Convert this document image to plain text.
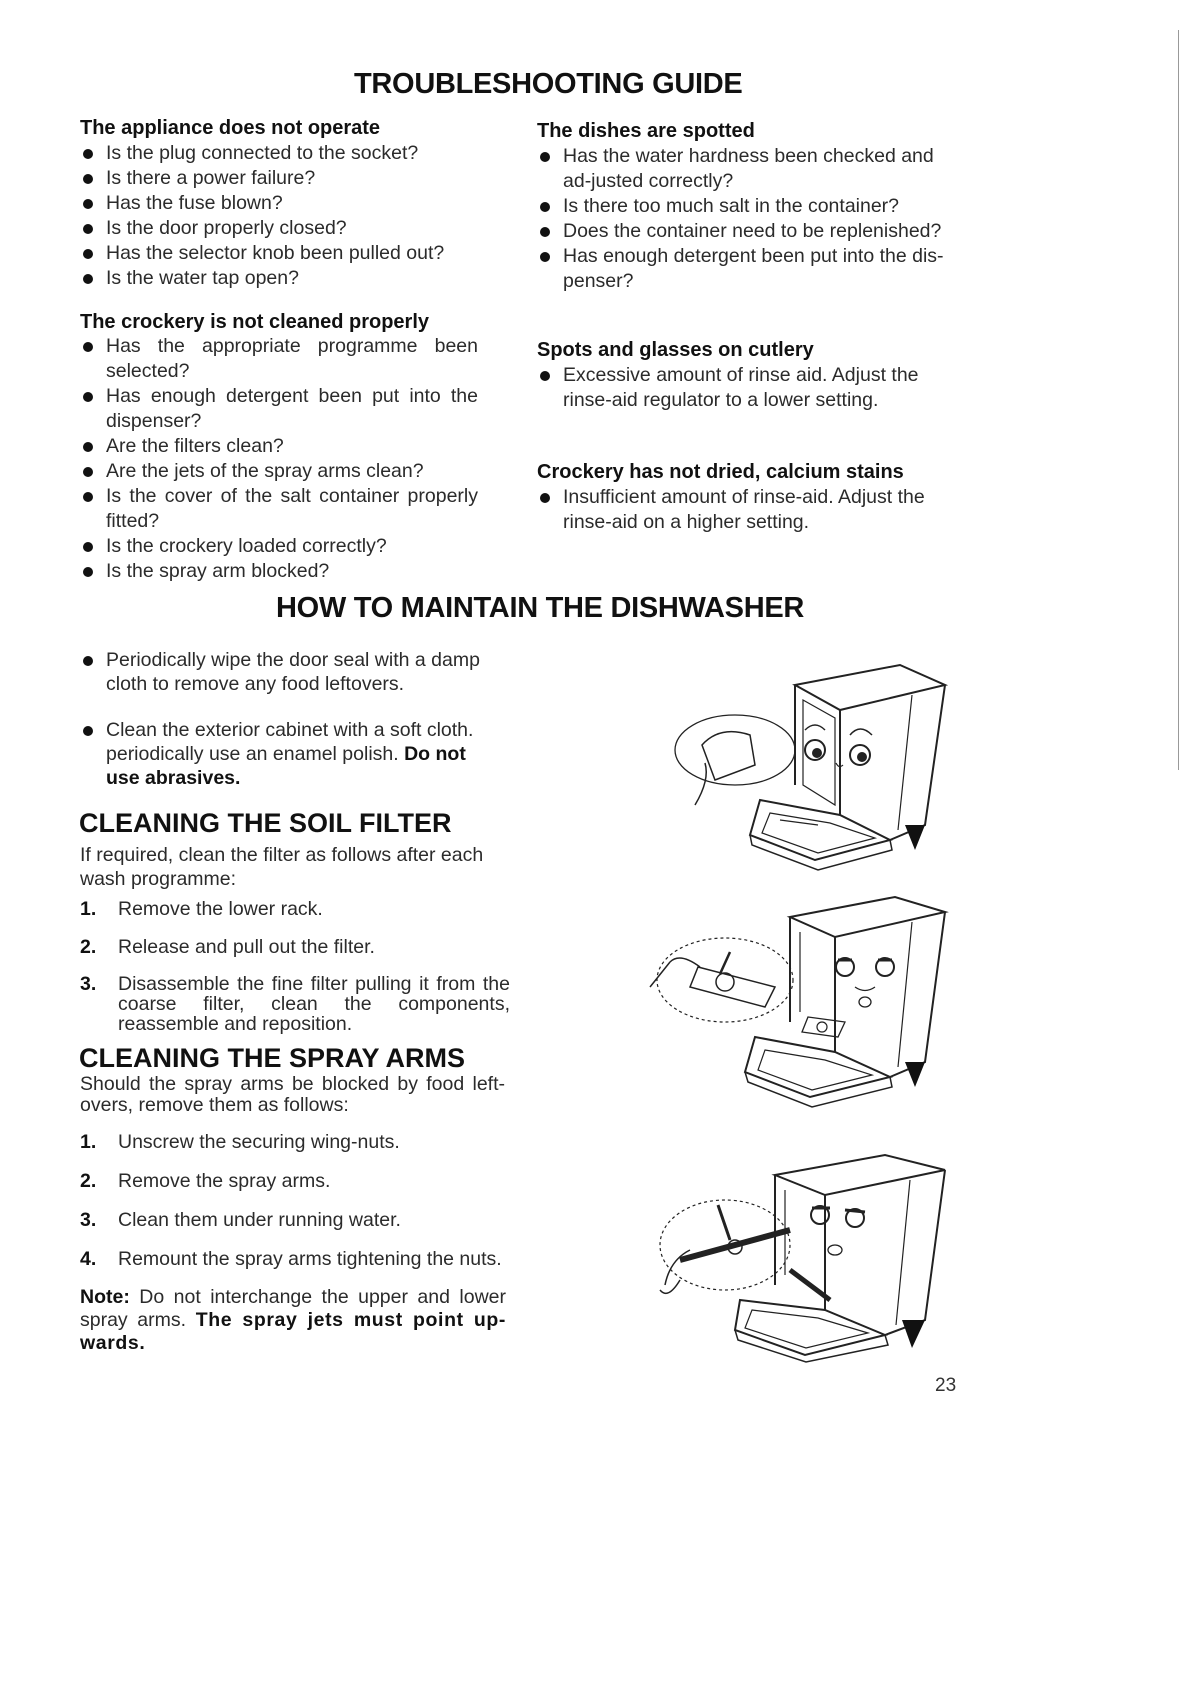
TROUBLESHOOTING GUIDE

The appliance does not operate

Is the plug connected to the socket?
Is there a power failure?
Has the fuse blown?
Is the door properly closed?
Has the selector knob been pulled out?
Is the water tap open?

The crockery is not cleaned properly

Has the appropriate programme been selected?
Has enough detergent been put into the dispenser?
Are the filters clean?
Are the jets of the spray arms clean?
Is the cover of the salt container properly fitted?
Is the crockery loaded correctly?
Is the spray arm blocked?

The dishes are spotted

Has the water hardness been checked and ad-justed correctly?
Is there too much salt in the container?
Does the container need to be replenished?
Has enough detergent been put into the dis-penser?

Spots and glasses on cutlery

Excessive amount of rinse aid. Adjust the rinse-aid regulator to a lower setting.

Crockery has not dried, calcium stains

Insufficient amount of rinse-aid. Adjust the rinse-aid on a higher setting.
HOW TO MAINTAIN THE DISHWASHER
Periodically wipe the door seal with a damp cloth to remove any food leftovers.
Clean the exterior cabinet with a soft cloth. periodically use an enamel polish. Do not use abrasives.
CLEANING THE SOIL FILTER

If required, clean the filter as follows after each wash programme:

1. Remove the lower rack.
2. Release and pull out the filter.
3. Disassemble the fine filter pulling it from the coarse filter, clean the components, reassemble and reposition.
CLEANING THE SPRAY ARMS

Should the spray arms be blocked by food left-overs, remove them as follows:

1. Unscrew the securing wing-nuts.
2. Remove the spray arms.
3. Clean them under running water.
4. Remount the spray arms tightening the nuts.

Note: Do not interchange the upper and lower spray arms. The spray jets must point up-wards.

23
